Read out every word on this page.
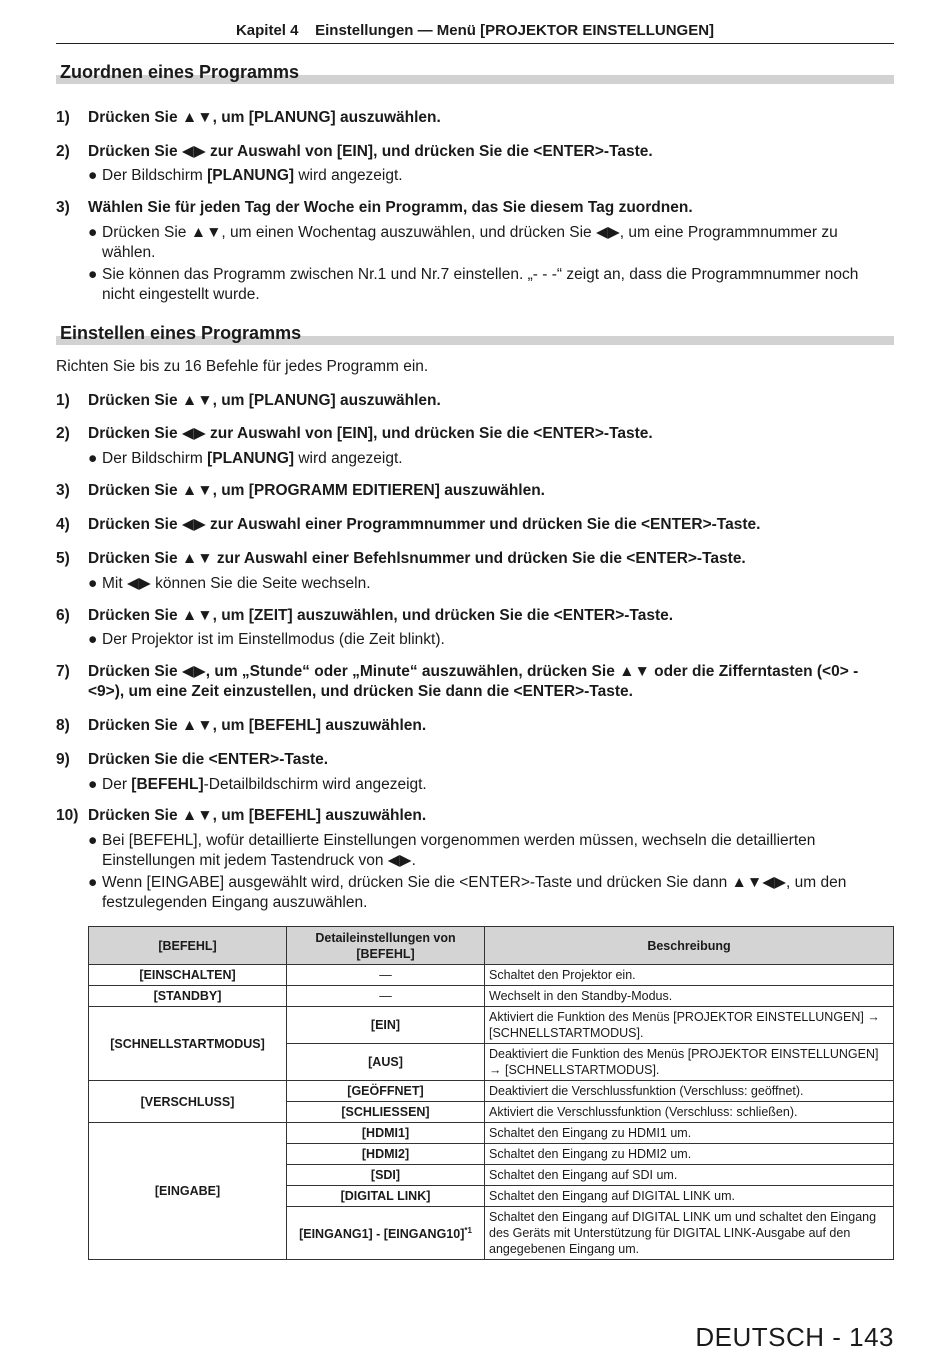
Kapitel 4    Einstellungen — Menü [PROJEKTOR EINSTELLUNGEN]
Zuordnen eines Programms
1) Drücken Sie ▲▼, um [PLANUNG] auszuwählen.
2) Drücken Sie ◀▶ zur Auswahl von [EIN], und drücken Sie die <ENTER>-Taste.
● Der Bildschirm [PLANUNG] wird angezeigt.
3) Wählen Sie für jeden Tag der Woche ein Programm, das Sie diesem Tag zuordnen.
● Drücken Sie ▲▼, um einen Wochentag auszuwählen, und drücken Sie ◀▶, um eine Programmnummer zu wählen.
● Sie können das Programm zwischen Nr.1 und Nr.7 einstellen. „- - -“ zeigt an, dass die Programmnummer noch nicht eingestellt wurde.
Einstellen eines Programms
Richten Sie bis zu 16 Befehle für jedes Programm ein.
1) Drücken Sie ▲▼, um [PLANUNG] auszuwählen.
2) Drücken Sie ◀▶ zur Auswahl von [EIN], und drücken Sie die <ENTER>-Taste.
● Der Bildschirm [PLANUNG] wird angezeigt.
3) Drücken Sie ▲▼, um [PROGRAMM EDITIEREN] auszuwählen.
4) Drücken Sie ◀▶ zur Auswahl einer Programmnummer und drücken Sie die <ENTER>-Taste.
5) Drücken Sie ▲▼ zur Auswahl einer Befehlsnummer und drücken Sie die <ENTER>-Taste.
● Mit ◀▶ können Sie die Seite wechseln.
6) Drücken Sie ▲▼, um [ZEIT] auszuwählen, und drücken Sie die <ENTER>-Taste.
● Der Projektor ist im Einstellmodus (die Zeit blinkt).
7) Drücken Sie ◀▶, um „Stunde“ oder „Minute“ auszuwählen, drücken Sie ▲▼ oder die Zifferntasten (<0> - <9>), um eine Zeit einzustellen, und drücken Sie dann die <ENTER>-Taste.
8) Drücken Sie ▲▼, um [BEFEHL] auszuwählen.
9) Drücken Sie die <ENTER>-Taste.
● Der [BEFEHL]-Detailbildschirm wird angezeigt.
10) Drücken Sie ▲▼, um [BEFEHL] auszuwählen.
● Bei [BEFEHL], wofür detaillierte Einstellungen vorgenommen werden müssen, wechseln die detaillierten Einstellungen mit jedem Tastendruck von ◀▶.
● Wenn [EINGABE] ausgewählt wird, drücken Sie die <ENTER>-Taste und drücken Sie dann ▲▼◀▶, um den festzulegenden Eingang auszuwählen.
[BEFEHL]	Detaileinstellungen von [BEFEHL]	Beschreibung
[EINSCHALTEN]	—	Schaltet den Projektor ein.
[STANDBY]	—	Wechselt in den Standby-Modus.
[SCHNELLSTARTMODUS]	[EIN]	Aktiviert die Funktion des Menüs [PROJEKTOR EINSTELLUNGEN] → [SCHNELLSTARTMODUS].
	[AUS]	Deaktiviert die Funktion des Menüs [PROJEKTOR EINSTELLUNGEN] → [SCHNELLSTARTMODUS].
[VERSCHLUSS]	[GEÖFFNET]	Deaktiviert die Verschlussfunktion (Verschluss: geöffnet).
	[SCHLIESSEN]	Aktiviert die Verschlussfunktion (Verschluss: schließen).
[EINGABE]	[HDMI1]	Schaltet den Eingang zu HDMI1 um.
	[HDMI2]	Schaltet den Eingang zu HDMI2 um.
	[SDI]	Schaltet den Eingang auf SDI um.
	[DIGITAL LINK]	Schaltet den Eingang auf DIGITAL LINK um.
	[EINGANG1] - [EINGANG10]$^{*1}$	Schaltet den Eingang auf DIGITAL LINK um und schaltet den Eingang des Geräts mit Unterstützung für DIGITAL LINK-Ausgabe auf den angegebenen Eingang um.
DEUTSCH - 143
